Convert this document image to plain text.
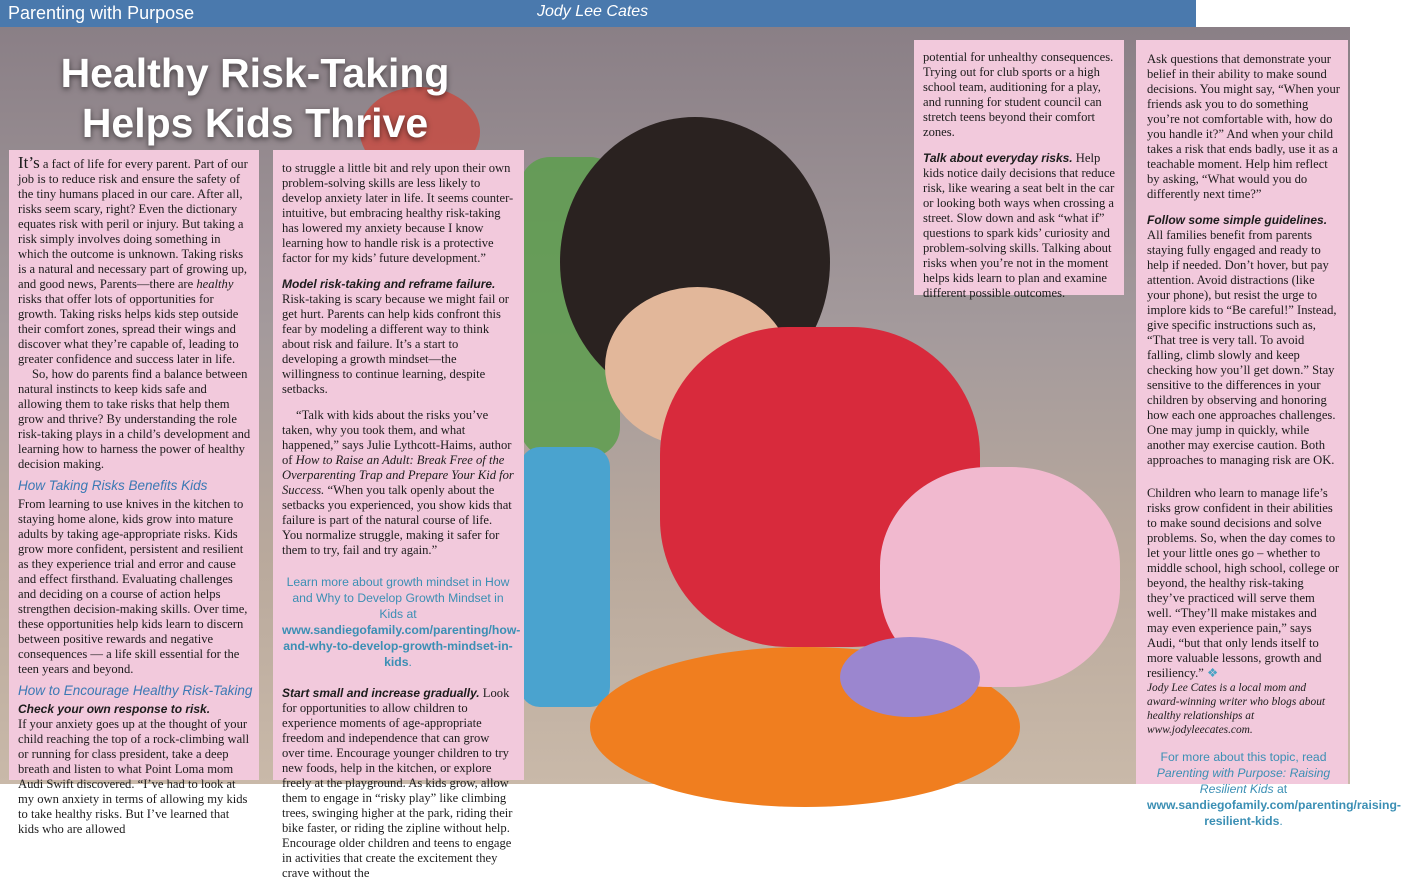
Parenting with Purpose	Jody Lee Cates
Healthy Risk-Taking
Helps Kids Thrive

It’s a fact of life for every parent. Part of our job is to reduce risk and ensure the safety of the tiny humans placed in our care. After all, risks seem scary, right? Even the dictionary equates risk with peril or injury. But taking a risk simply involves doing something in which the outcome is unknown. Taking risks is a natural and necessary part of growing up, and good news, Parents—there are healthy risks that offer lots of opportunities for growth. Taking risks helps kids step outside their comfort zones, spread their wings and discover what they’re capable of, leading to greater confidence and success later in life.

So, how do parents find a balance between natural instincts to keep kids safe and allowing them to take risks that help them grow and thrive? By understanding the role risk-taking plays in a child’s development and learning how to harness the power of healthy decision making.

How Taking Risks Benefits Kids

From learning to use knives in the kitchen to staying home alone, kids grow into mature adults by taking age-appropriate risks. Kids grow more confident, persistent and resilient as they experience trial and error and cause and effect firsthand. Evaluating challenges and deciding on a course of action helps strengthen decision-making skills. Over time, these opportunities help kids learn to discern between positive rewards and negative consequences — a life skill essential for the teen years and beyond.

How to Encourage Healthy Risk-Taking

Check your own response to risk.

If your anxiety goes up at the thought of your child reaching the top of a rock-climbing wall or running for class president, take a deep breath and listen to what Point Loma mom Audi Swift discovered. “I’ve had to look at my own anxiety in terms of allowing my kids to take healthy risks. But I’ve learned that kids who are allowed

to struggle a little bit and rely upon their own problem-solving skills are less likely to develop anxiety later in life. It seems counter-intuitive, but embracing healthy risk-taking has lowered my anxiety because I know learning how to handle risk is a protective factor for my kids’ future development.”

Model risk-taking and reframe failure. Risk-taking is scary because we might fail or get hurt. Parents can help kids confront this fear by modeling a different way to think about risk and failure. It’s a start to developing a growth mindset—the willingness to continue learning, despite setbacks.

“Talk with kids about the risks you’ve taken, why you took them, and what happened,” says Julie Lythcott-Haims, author of How to Raise an Adult: Break Free of the Overparenting Trap and Prepare Your Kid for Success. “When you talk openly about the setbacks you experienced, you show kids that failure is part of the natural course of life. You normalize struggle, making it safer for them to try, fail and try again.”

Learn more about growth mindset in How and Why to Develop Growth Mindset in Kids at www.sandiegofamily.com/parenting/how-and-why-to-develop-growth-mindset-in-kids.

Start small and increase gradually. Look for opportunities to allow children to experience moments of age-appropriate freedom and independence that can grow over time. Encourage younger children to try new foods, help in the kitchen, or explore freely at the playground. As kids grow, allow them to engage in “risky play” like climbing trees, swinging higher at the park, riding their bike faster, or riding the zipline without help. Encourage older children and teens to engage in activities that create the excitement they crave without the

potential for unhealthy consequences. Trying out for club sports or a high school team, auditioning for a play, and running for student council can stretch teens beyond their comfort zones.

Talk about everyday risks. Help kids notice daily decisions that reduce risk, like wearing a seat belt in the car or looking both ways when crossing a street. Slow down and ask “what if” questions to spark kids’ curiosity and problem-solving skills. Talking about risks when you’re not in the moment helps kids learn to plan and examine different possible outcomes.

Ask questions that demonstrate your belief in their ability to make sound decisions. You might say, “When your friends ask you to do something you’re not comfortable with, how do you handle it?” And when your child takes a risk that ends badly, use it as a teachable moment. Help him reflect by asking, “What would you do differently next time?”

Follow some simple guidelines. All families benefit from parents staying fully engaged and ready to help if needed. Don’t hover, but pay attention. Avoid distractions (like your phone), but resist the urge to implore kids to “Be careful!” Instead, give specific instructions such as, “That tree is very tall. To avoid falling, climb slowly and keep checking how you’ll get down.” Stay sensitive to the differences in your children by observing and honoring how each one approaches challenges. One may jump in quickly, while another may exercise caution. Both approaches to managing risk are OK.

Children who learn to manage life’s risks grow confident in their abilities to make sound decisions and solve problems. So, when the day comes to let your little ones go – whether to middle school, high school, college or beyond, the healthy risk-taking they’ve practiced will serve them well. “They’ll make mistakes and may even experience pain,” says Audi, “but that only lends itself to more valuable lessons, growth and resiliency.” ❖

Jody Lee Cates is a local mom and award-winning writer who blogs about healthy relationships at www.jodyleecates.com.

For more about this topic, read Parenting with Purpose: Raising Resilient Kids at www.sandiegofamily.com/parenting/raising-resilient-kids.
